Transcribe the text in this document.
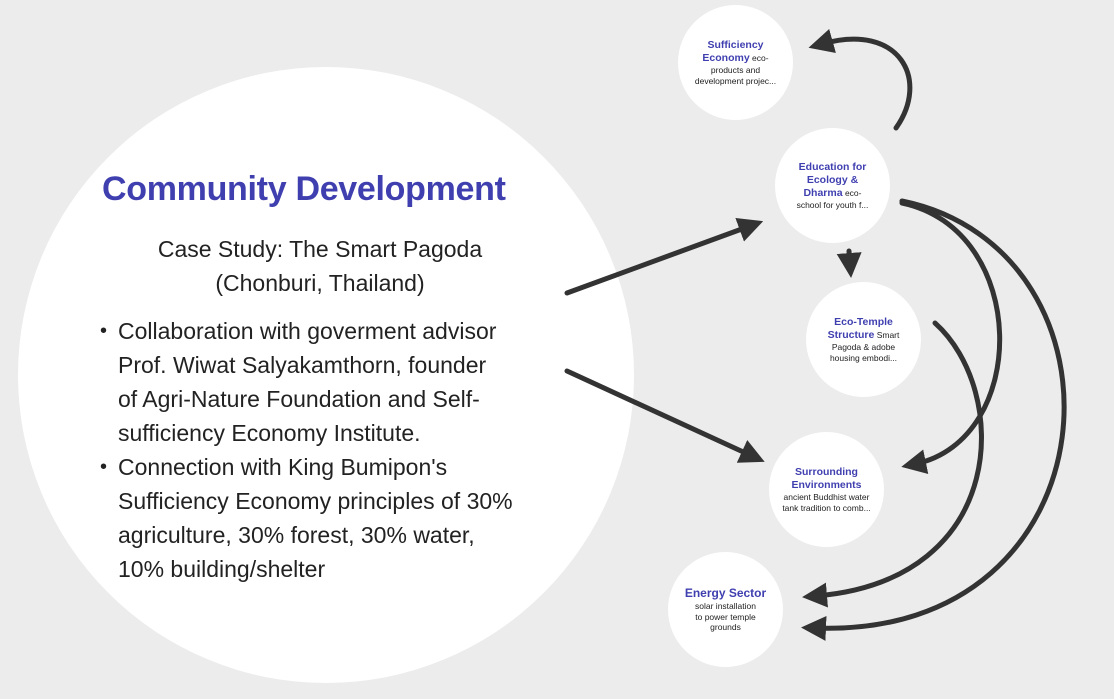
Community Development
Case Study: The Smart Pagoda
(Chonburi, Thailand)
• Collaboration with goverment advisor
Prof. Wiwat Salyakamthorn, founder
of Agri-Nature Foundation and Self-
sufficiency Economy Institute.
• Connection with King Bumipon's
Sufficiency Economy principles of 30%
agriculture, 30% forest, 30% water,
10% building/shelter
Sufficiency
Economy eco-
products and
development projec...
Education for
Ecology &
Dharma eco-
school for youth f...
Eco-Temple
Structure Smart
Pagoda & adobe
housing embodi...
Surrounding
Environments
ancient Buddhist water
tank tradition to comb...
Energy Sector
solar installation
to power temple
grounds
